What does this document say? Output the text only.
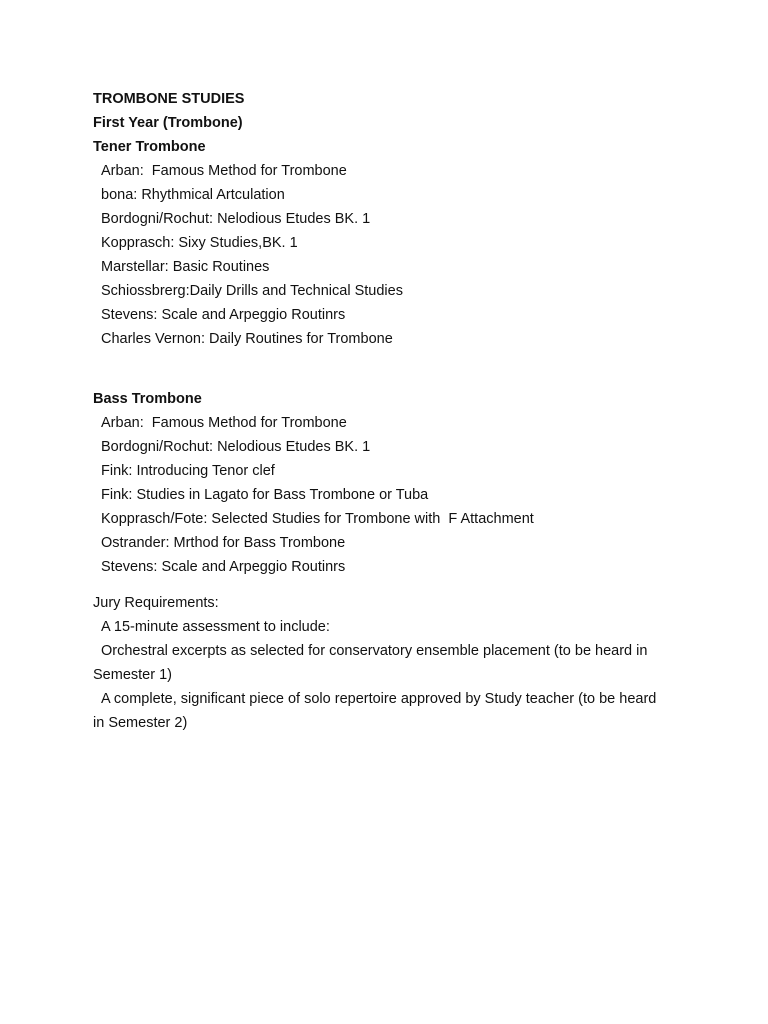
TROMBONE STUDIES
First Year (Trombone)
Tener Trombone
Arban:  Famous Method for Trombone
bona: Rhythmical Artculation
Bordogni/Rochut: Nelodious Etudes BK. 1
Kopprasch: Sixy Studies,BK. 1
Marstellar: Basic Routines
Schiossbrerg:Daily Drills and Technical Studies
Stevens: Scale and Arpeggio Routinrs
Charles Vernon: Daily Routines for Trombone
Bass Trombone
Arban:  Famous Method for Trombone
Bordogni/Rochut: Nelodious Etudes BK. 1
Fink: Introducing Tenor clef
Fink: Studies in Lagato for Bass Trombone or Tuba
Kopprasch/Fote: Selected Studies for Trombone with  F Attachment
Ostrander: Mrthod for Bass Trombone
Stevens: Scale and Arpeggio Routinrs
Jury Requirements:
A 15-minute assessment to include:
Orchestral excerpts as selected for conservatory ensemble placement (to be heard in Semester 1)
A complete, significant piece of solo repertoire approved by Study teacher (to be heard in Semester 2)
